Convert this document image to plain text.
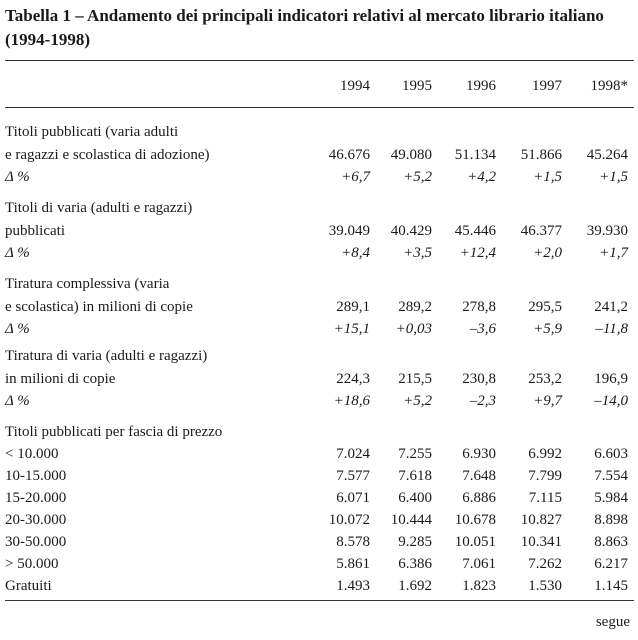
Tabella 1 – Andamento dei principali indicatori relativi al mercato librario italiano (1994-1998)
1994	1995	1996	1997	1998*
Titoli pubblicati (varia adulti
e ragazzi e scolastica di adozione)	46.676	49.080	51.134	51.866	45.264
Δ %	+6,7	+5,2	+4,2	+1,5	+1,5
Titoli di varia (adulti e ragazzi)
pubblicati	39.049	40.429	45.446	46.377	39.930
Δ %	+8,4	+3,5	+12,4	+2,0	+1,7
Tiratura complessiva (varia
e scolastica) in milioni di copie	289,1	289,2	278,8	295,5	241,2
Δ %	+15,1	+0,03	–3,6	+5,9	–11,8
Tiratura di varia (adulti e ragazzi)
in milioni di copie	224,3	215,5	230,8	253,2	196,9
Δ %	+18,6	+5,2	–2,3	+9,7	–14,0
Titoli pubblicati per fascia di prezzo
< 10.000	7.024	7.255	6.930	6.992	6.603
10-15.000	7.577	7.618	7.648	7.799	7.554
15-20.000	6.071	6.400	6.886	7.115	5.984
20-30.000	10.072	10.444	10.678	10.827	8.898
30-50.000	8.578	9.285	10.051	10.341	8.863
> 50.000	5.861	6.386	7.061	7.262	6.217
Gratuiti	1.493	1.692	1.823	1.530	1.145
segue
